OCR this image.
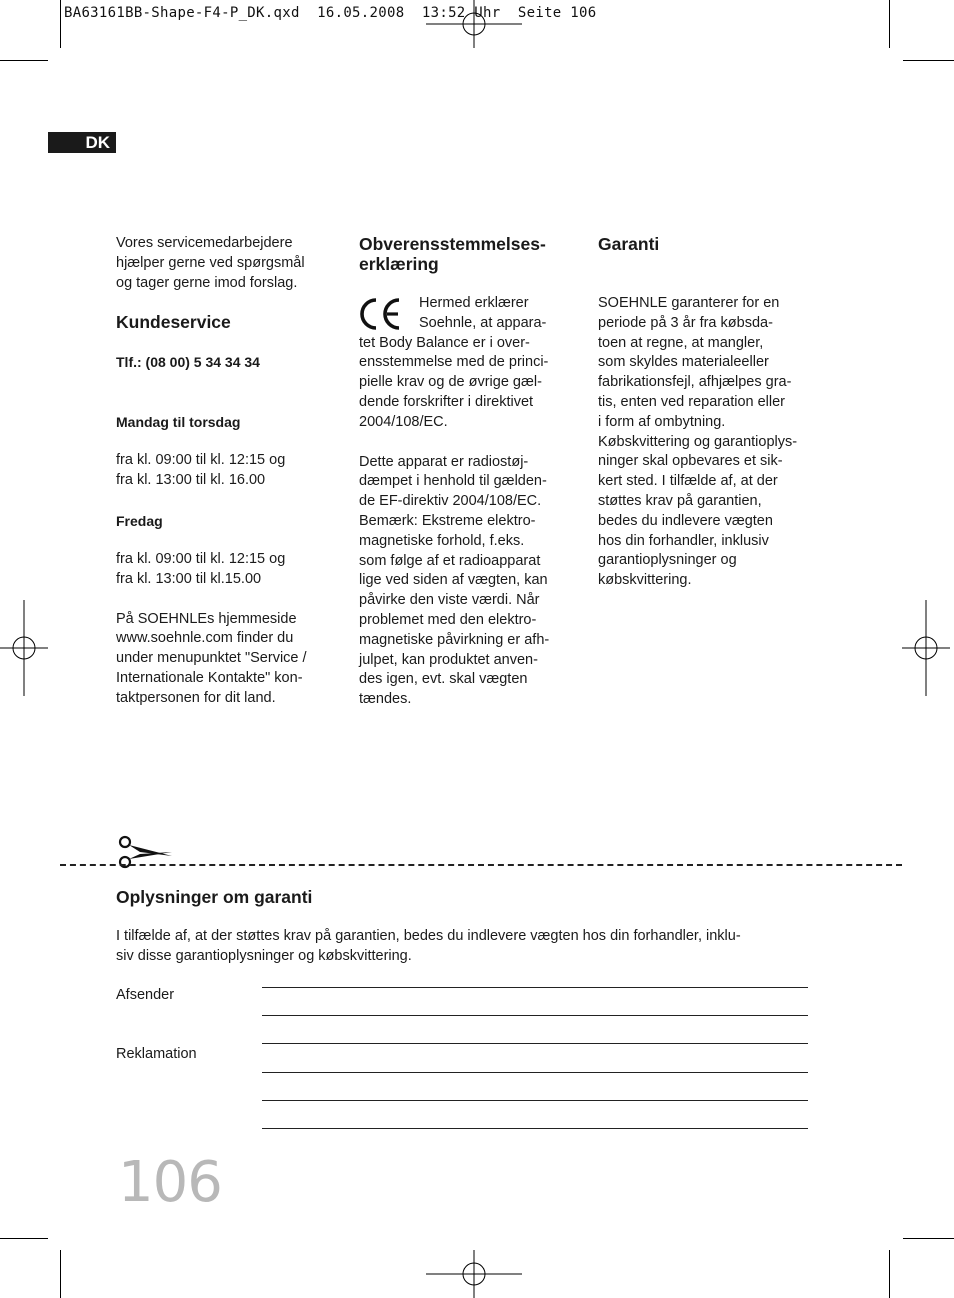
BA63161BB-Shape-F4-P_DK.qxd  16.05.2008  13:52 Uhr  Seite 106
DK

Vores servicemedarbejdere
hjælper gerne ved spørgsmål
og tager gerne imod forslag.

Kundeservice

Tlf.: (08 00) 5 34 34 34

Mandag til torsdag

fra kl. 09:00 til kl. 12:15 og
fra kl. 13:00 til kl. 16.00

Fredag

fra kl. 09:00 til kl. 12:15 og
fra kl. 13:00 til kl.15.00

På SOEHNLEs hjemmeside
www.soehnle.com finder du
under menupunktet "Service /
Internationale Kontakte" kon-
taktpersonen for dit land.

Obverensstemmelses-
erklæring

Hermed erklærer
Soehnle, at appara-

tet Body Balance er i over-
ensstemmelse med de princi-
pielle krav og de øvrige gæl-
dende forskrifter i direktivet
2004/108/EC.

Dette apparat er radiostøj-
dæmpet i henhold til gælden-
de EF-direktiv 2004/108/EC.
Bemærk: Ekstreme elektro-
magnetiske forhold, f.eks.
som følge af et radioapparat
lige ved siden af vægten, kan
påvirke den viste værdi. Når
problemet med den elektro-
magnetiske påvirkning er afh-
julpet, kan produktet anven-
des igen, evt. skal vægten
tændes.

CE

Garanti

SOEHNLE garanterer for en
periode på 3 år fra købsda-
toen at regne, at mangler,
som skyldes materialeeller
fabrikationsfejl, afhjælpes gra-
tis, enten ved reparation eller
i form af ombytning.
Købskvittering og garantioplys-
ninger skal opbevares et sik-
kert sted. I tilfælde af, at der
støttes krav på garantien,
bedes du indlevere vægten
hos din forhandler, inklusiv
garantioplysninger og
købskvittering.

Oplysninger om garanti
I tilfælde af, at der støttes krav på garantien, bedes du indlevere vægten hos din forhandler, inklu-
siv disse garantioplysninger og købskvittering.
Afsender
Reklamation
106
